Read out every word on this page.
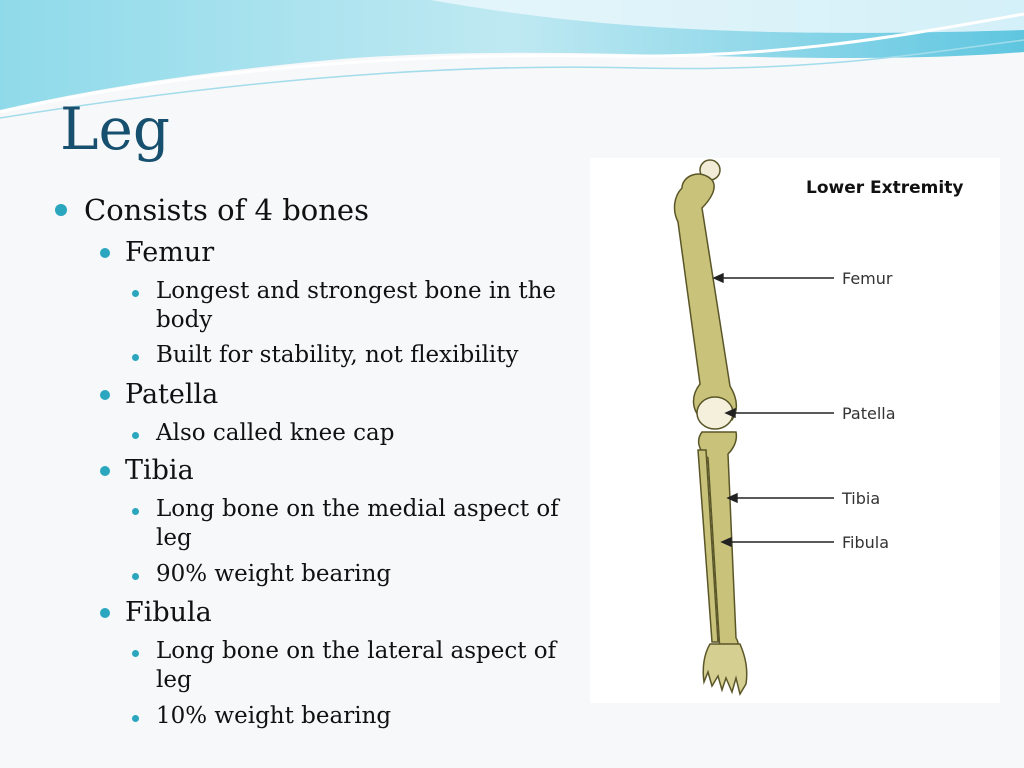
Leg
Consists of 4 bones
Femur
Longest and strongest bone in the body
Built for stability, not flexibility
Patella
Also called knee cap
Tibia
Long bone on the medial aspect of leg
90% weight bearing
Fibula
Long bone on the lateral aspect of leg
10% weight bearing
Lower Extremity
Femur
Patella
Tibia
Fibula
